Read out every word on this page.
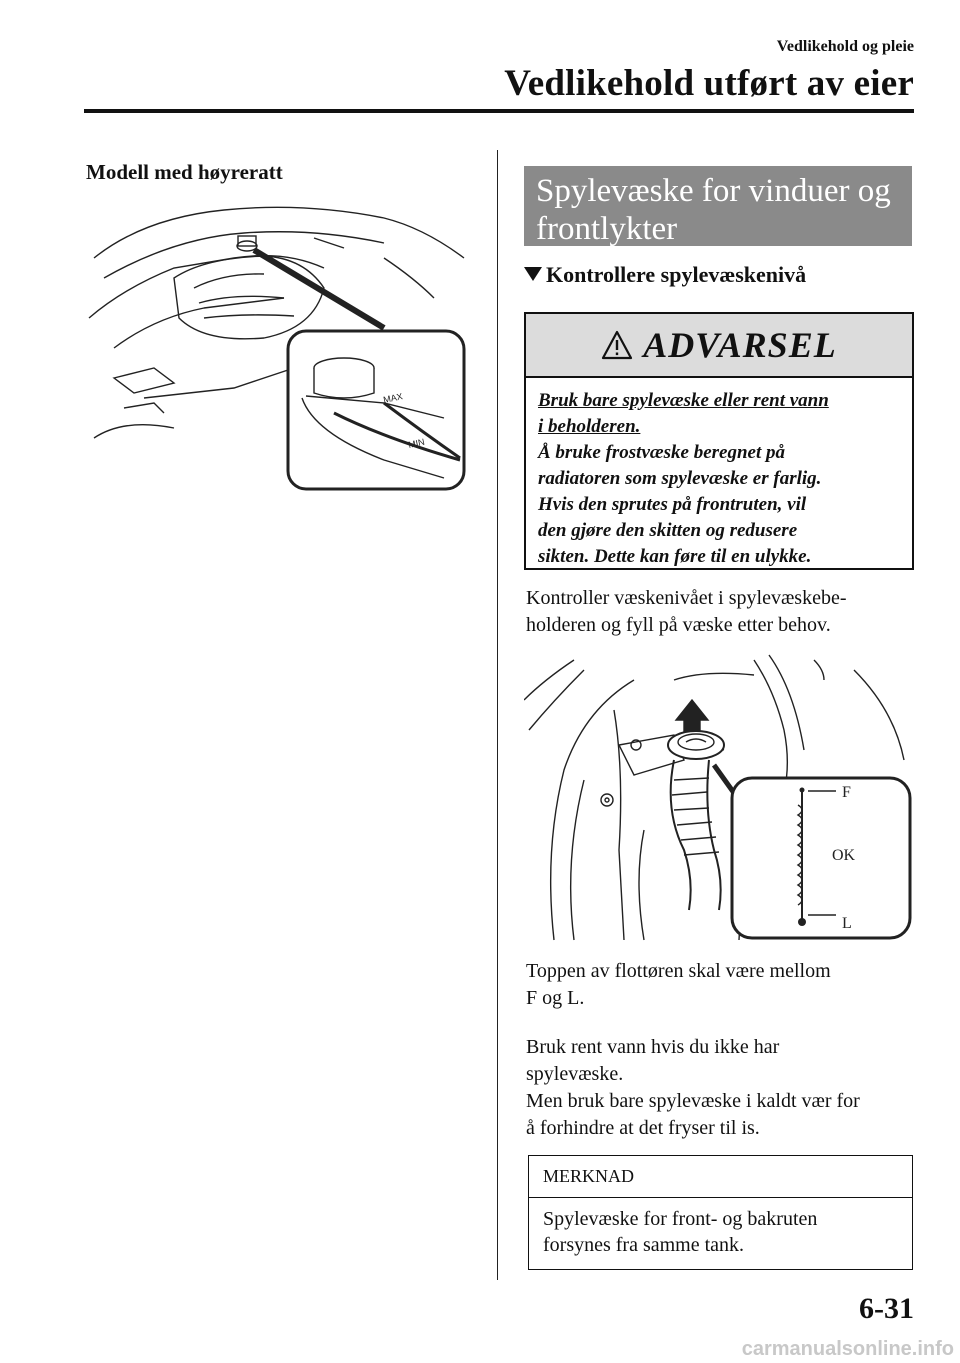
Vedlikehold og pleie
Vedlikehold utført av eier
Modell med høyreratt
MAX
MIN
Spylevæske for vinduer og
frontlykter
Kontrollere spylevæskenivå
ADVARSEL
Bruk bare spylevæske eller rent vann
i beholderen.
Å bruke frostvæske beregnet på
radiatoren som spylevæske er farlig.
Hvis den sprutes på frontruten, vil
den gjøre den skitten og redusere
sikten. Dette kan føre til en ulykke.
Kontroller væskenivået i spylevæskebe-
holderen og fyll på væske etter behov.
F
OK
L
Toppen av flottøren skal være mellom
F og L.
Bruk rent vann hvis du ikke har
spylevæske.
Men bruk bare spylevæske i kaldt vær for
å forhindre at det fryser til is.
MERKNAD
Spylevæske for front- og bakruten
forsynes fra samme tank.
6-31
carmanualsonline.info
